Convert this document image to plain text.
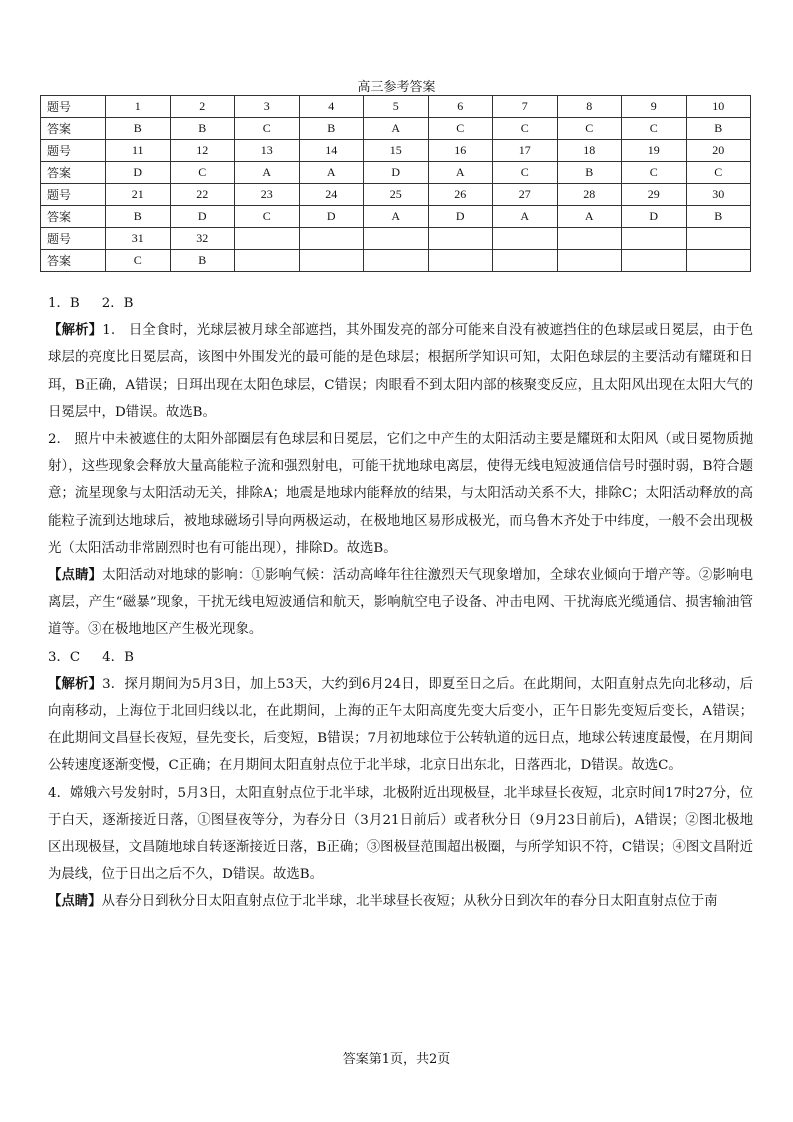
高三参考答案
题号	1	2	3	4	5	6	7	8	9	10
答案	B	B	C	B	A	C	C	C	C	B
题号	11	12	13	14	15	16	17	18	19	20
答案	D	C	A	A	D	A	C	B	C	C
题号	21	22	23	24	25	26	27	28	29	30
答案	B	D	C	D	A	D	A	A	D	B
题号	31	32								
答案	C	B								

1．B 2．B

【解析】1.　日全食时，光球层被月球全部遮挡，其外围发亮的部分可能来自没有被遮挡住的色球层或日冕层，由于色球层的亮度比日冕层高，该图中外围发光的最可能的是色球层；根据所学知识可知，太阳色球层的主要活动有耀斑和日珥，B正确，A错误；日珥出现在太阳色球层，C错误；肉眼看不到太阳内部的核聚变反应，且太阳风出现在太阳大气的日冕层中，D错误。故选B。

2.　照片中未被遮住的太阳外部圈层有色球层和日冕层，它们之中产生的太阳活动主要是耀斑和太阳风（或日冕物质抛射），这些现象会释放大量高能粒子流和强烈射电，可能干扰地球电离层，使得无线电短波通信信号时强时弱，B符合题意；流星现象与太阳活动无关，排除A；地震是地球内能释放的结果，与太阳活动关系不大，排除C；太阳活动释放的高能粒子流到达地球后，被地球磁场引导向两极运动，在极地地区易形成极光，而乌鲁木齐处于中纬度，一般不会出现极光（太阳活动非常剧烈时也有可能出现），排除D。故选B。

【点睛】太阳活动对地球的影响：①影响气候：活动高峰年往往激烈天气现象增加，全球农业倾向于增产等。②影响电离层，产生“磁暴”现象，干扰无线电短波通信和航天，影响航空电子设备、冲击电网、干扰海底光缆通信、损害输油管道等。③在极地地区产生极光现象。

3．C 4．B

【解析】3．探月期间为5月3日，加上53天，大约到6月24日，即夏至日之后。在此期间，太阳直射点先向北移动，后向南移动，上海位于北回归线以北，在此期间，上海的正午太阳高度先变大后变小，正午日影先变短后变长，A错误；在此期间文昌昼长夜短，昼先变长，后变短，B错误；7月初地球位于公转轨道的远日点，地球公转速度最慢，在月期间公转速度逐渐变慢，C正确；在月期间太阳直射点位于北半球，北京日出东北，日落西北，D错误。故选C。

4．嫦娥六号发射时，5月3日，太阳直射点位于北半球，北极附近出现极昼，北半球昼长夜短，北京时间17时27分，位于白天，逐渐接近日落，①图昼夜等分，为春分日（3月21日前后）或者秋分日（9月23日前后)，A错误；②图北极地区出现极昼，文昌随地球自转逐渐接近日落，B正确；③图极昼范围超出极圈，与所学知识不符，C错误；④图文昌附近为晨线，位于日出之后不久，D错误。故选B。

【点睛】从春分日到秋分日太阳直射点位于北半球，北半球昼长夜短；从秋分日到次年的春分日太阳直射点位于南

答案第1页，共2页
